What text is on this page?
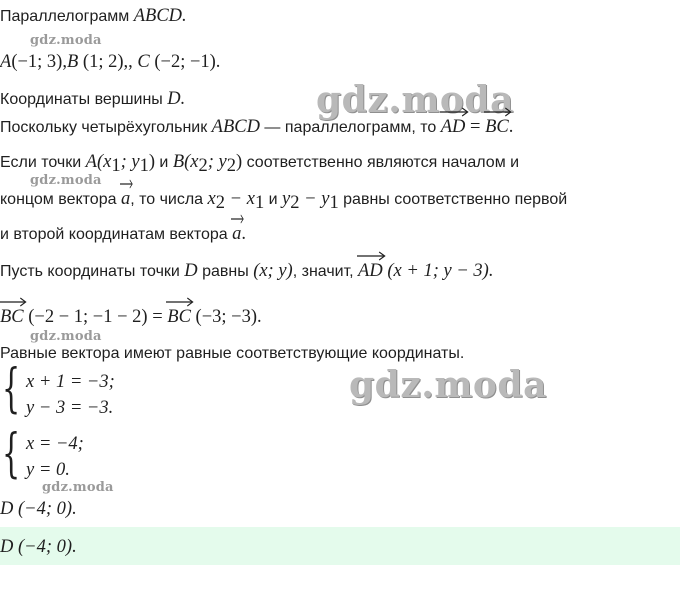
Параллелограмм ABCD.
gdz.moda
A(−1; 3),B (1; 2),, C (−2; −1).
Координаты вершины D.	gdz.moda
Поскольку четырёхугольник ABCD — параллелограмм, то
AD =
BC.
Если точки $A(x_1$; $y_1$) и $B(x_2$; $y_2$) соответственно являются началом и
gdz.moda
концом вектора
a, то числа $x_2 - x_1$ и $y_2 - y_1$ равны соответственно первой
и второй координатам вектора
a.
Пусть координаты точки D равны (x; y), значит,
AD (x + 1; y − 3).
BC (−2 − 1; −1 − 2) =
BC (−3; −3).
gdz.moda
Равные вектора имеют равные соответствующие координаты.
{ x + 1 = −3;
y − 3 = −3.
gdz.moda
{ x = −4;
y = 0.
gdz.moda
D (−4; 0).
D (−4; 0).
